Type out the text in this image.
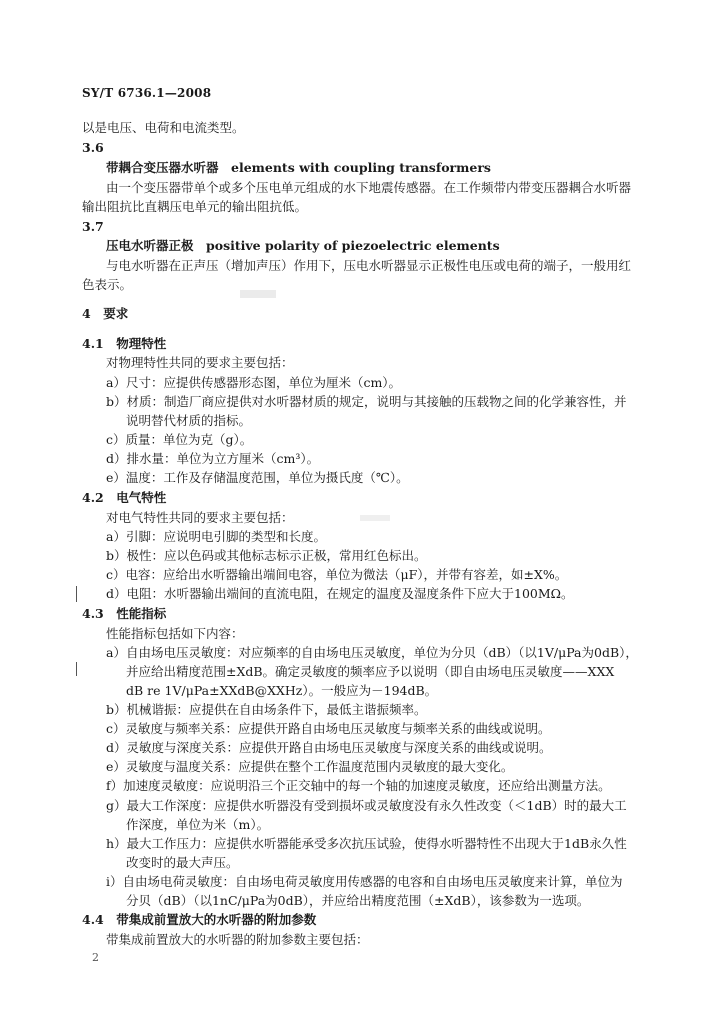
SY/T 6736.1—2008
以是电压、电荷和电流类型。
3.6
带耦合变压器水听器　elements with coupling transformers
由一个变压器带单个或多个压电单元组成的水下地震传感器。在工作频带内带变压器耦合水听器
输出阻抗比直耦压电单元的输出阻抗低。
3.7
压电水听器正极　positive polarity of piezoelectric elements
与电水听器在正声压（增加声压）作用下，压电水听器显示正极性电压或电荷的端子，一般用红
色表示。
4　要求
4.1　物理特性
对物理特性共同的要求主要包括：
a）尺寸：应提供传感器形态图，单位为厘米（cm）。
b）材质：制造厂商应提供对水听器材质的规定，说明与其接触的压载物之间的化学兼容性，并
说明替代材质的指标。
c）质量：单位为克（g）。
d）排水量：单位为立方厘米（cm³）。
e）温度：工作及存储温度范围，单位为摄氏度（℃）。
4.2　电气特性
对电气特性共同的要求主要包括：
a）引脚：应说明电引脚的类型和长度。
b）极性：应以色码或其他标志标示正极，常用红色标出。
c）电容：应给出水听器输出端间电容，单位为微法（μF），并带有容差，如±X%。
d）电阻：水听器输出端间的直流电阻，在规定的温度及湿度条件下应大于100MΩ。
4.3　性能指标
性能指标包括如下内容：
a）自由场电压灵敏度：对应频率的自由场电压灵敏度，单位为分贝（dB）（以1V/μPa为0dB），
并应给出精度范围±XdB。确定灵敏度的频率应予以说明（即自由场电压灵敏度——XXX
dB re 1V/μPa±XXdB@XXHz）。一般应为－194dB。
b）机械谐振：应提供在自由场条件下，最低主谐振频率。
c）灵敏度与频率关系：应提供开路自由场电压灵敏度与频率关系的曲线或说明。
d）灵敏度与深度关系：应提供开路自由场电压灵敏度与深度关系的曲线或说明。
e）灵敏度与温度关系：应提供在整个工作温度范围内灵敏度的最大变化。
f）加速度灵敏度：应说明沿三个正交轴中的每一个轴的加速度灵敏度，还应给出测量方法。
g）最大工作深度：应提供水听器没有受到损坏或灵敏度没有永久性改变（＜1dB）时的最大工
作深度，单位为米（m）。
h）最大工作压力：应提供水听器能承受多次抗压试验，使得水听器特性不出现大于1dB永久性
改变时的最大声压。
i）自由场电荷灵敏度：自由场电荷灵敏度用传感器的电容和自由场电压灵敏度来计算，单位为
分贝（dB）（以1nC/μPa为0dB），并应给出精度范围（±XdB），该参数为一选项。
4.4　带集成前置放大的水听器的附加参数
带集成前置放大的水听器的附加参数主要包括：
2
